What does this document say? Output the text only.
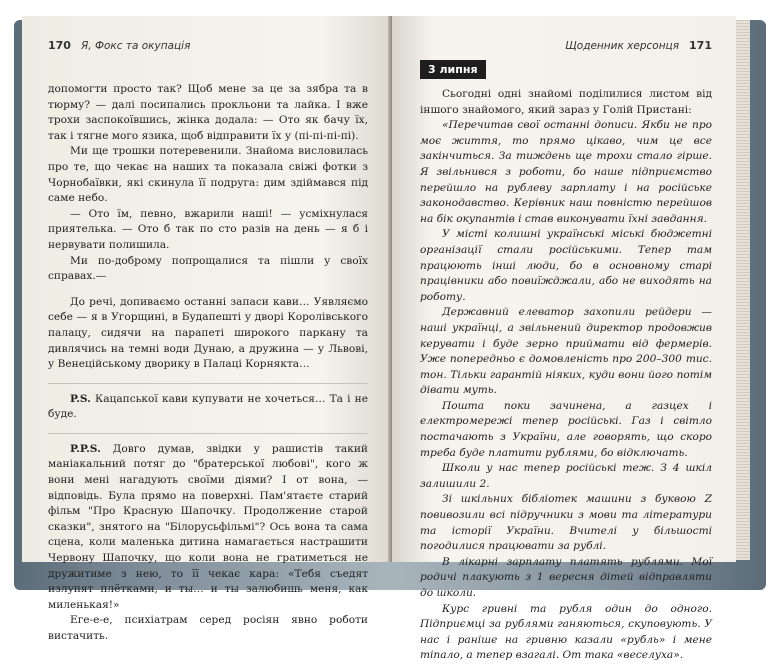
170 Я, Фокс та окупація

допомогти просто так? Щоб мене за це за зябра та в тюрму? — далі посипались прокльони та лайка. І вже трохи заспокоївшись, жінка додала: — Ото як бачу їх, так і тягне мого язика, щоб відправити їх у (пі-пі-пі-пі).

Ми ще трошки потеревенили. Знайома висловилась про те, що чекає на наших та показала свіжі фотки з Чорнобаївки, які скинула її подруга: дим здіймався під саме небо.

— Ото їм, певно, вжарили наші! — усміхнулася приятелька. — Ото б так по сто разів на день — я б і нервувати полишила.

Ми по-доброму попрощалися та пішли у своїх справах.—

До речі, допиваємо останні запаси кави… Уявляємо себе — я в Угорщині, в Будапешті у дворі Королівського палацу, сидячи на парапеті широкого паркану та дивлячись на темні води Дунаю, а дружина — у Львові, у Венеційському дворику в Палаці Корнякта…

P.S. Кацапської кави купувати не хочеться… Та і не буде.

P.P.S. Довго думав, звідки у рашистів такий маніакальний потяг до "братерської любові", кого ж вони мені нагадують своїми діями? І от вона, — відповідь. Була прямо на поверхні. Пам'ятаєте старий фільм "Про Красную Шапочку. Продолжение старой сказки", знятого на "Білорусьфільмі"? Ось вона та сама сцена, коли маленька дитина намагається настрашити Червону Шапочку, що коли вона не гратиметься не дружитиме з нею, то її чекає кара: «Тебя съедят излупят плётками, и ты… и ты залюбишь меня, как миленькая!»

Еге-е-е, психіатрам серед росіян явно роботи вистачить.

Щоденник херсонця 171
3 липня

Сьогодні одні знайомі поділилися листом від іншого знайомого, який зараз у Голій Пристані:

«Перечитав свої останні дописи. Якби не про моє життя, то прямо цікаво, чим це все закінчиться. За тиждень ще трохи стало гірше. Я звільнився з роботи, бо наше підприємство перейшло на рублеву зарплату і на російське законодавство. Керівник наш повністю перейшов на бік окупантів і став виконувати їхні завдання.

У місті колишні українські міські бюджетні організації стали російськими. Тепер там працюють інші люди, бо в основному старі працівники або повиїжджали, або не виходять на роботу.

Державний елеватор захопили рейдери — наші українці, а звільнений директор продовжив керувати і буде зерно приймати від фермерів. Уже попередньо є домовленість про 200–300 тис. тон. Тільки гарантій ніяких, куди вони його потім дівати муть.

Пошта поки зачинена, а газцех і електромережі тепер російські. Газ і світло постачають з України, але говорять, що скоро треба буде платити рублями, бо відключать.

Школи у нас тепер російські теж. З 4 шкіл залишили 2.

Зі шкільних бібліотек машини з буквою Z повивозили всі підручники з мови та літератури та історії України. Вчителі у більшості погодилися працювати за рублі.

В лікарні зарплату платять рублями. Мої родичі плакують з 1 вересня дітей відправляти до школи.

Курс гривні та рубля один до одного. Підприємці за рублями ганяються, скуповують. У нас і раніше на гривню казали «рубль» і мене тіпало, а тепер взагалі. От така «веселуха».
